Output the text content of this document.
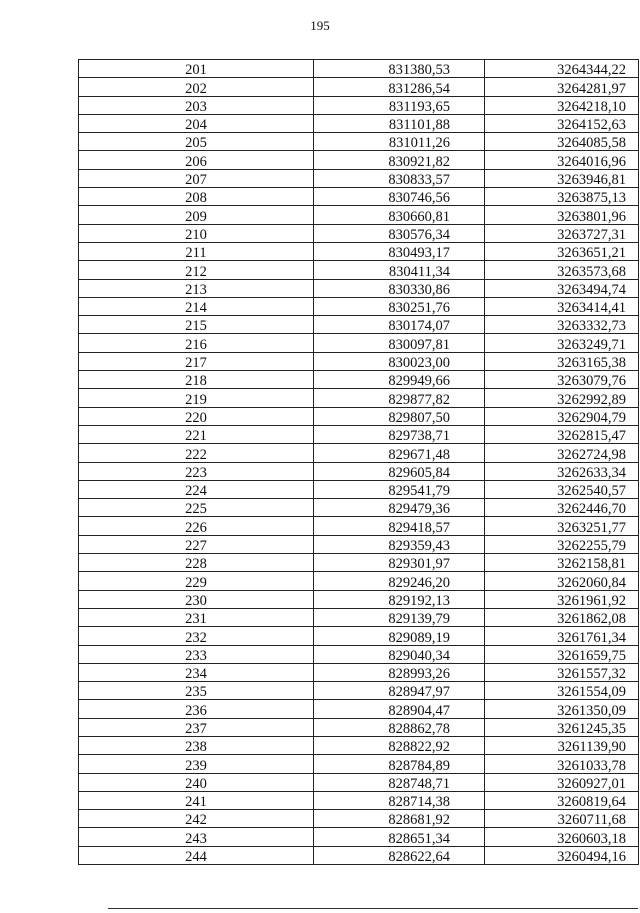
195
201	831380,53	3264344,22
202	831286,54	3264281,97
203	831193,65	3264218,10
204	831101,88	3264152,63
205	831011,26	3264085,58
206	830921,82	3264016,96
207	830833,57	3263946,81
208	830746,56	3263875,13
209	830660,81	3263801,96
210	830576,34	3263727,31
211	830493,17	3263651,21
212	830411,34	3263573,68
213	830330,86	3263494,74
214	830251,76	3263414,41
215	830174,07	3263332,73
216	830097,81	3263249,71
217	830023,00	3263165,38
218	829949,66	3263079,76
219	829877,82	3262992,89
220	829807,50	3262904,79
221	829738,71	3262815,47
222	829671,48	3262724,98
223	829605,84	3262633,34
224	829541,79	3262540,57
225	829479,36	3262446,70
226	829418,57	3263251,77
227	829359,43	3262255,79
228	829301,97	3262158,81
229	829246,20	3262060,84
230	829192,13	3261961,92
231	829139,79	3261862,08
232	829089,19	3261761,34
233	829040,34	3261659,75
234	828993,26	3261557,32
235	828947,97	3261554,09
236	828904,47	3261350,09
237	828862,78	3261245,35
238	828822,92	3261139,90
239	828784,89	3261033,78
240	828748,71	3260927,01
241	828714,38	3260819,64
242	828681,92	3260711,68
243	828651,34	3260603,18
244	828622,64	3260494,16
